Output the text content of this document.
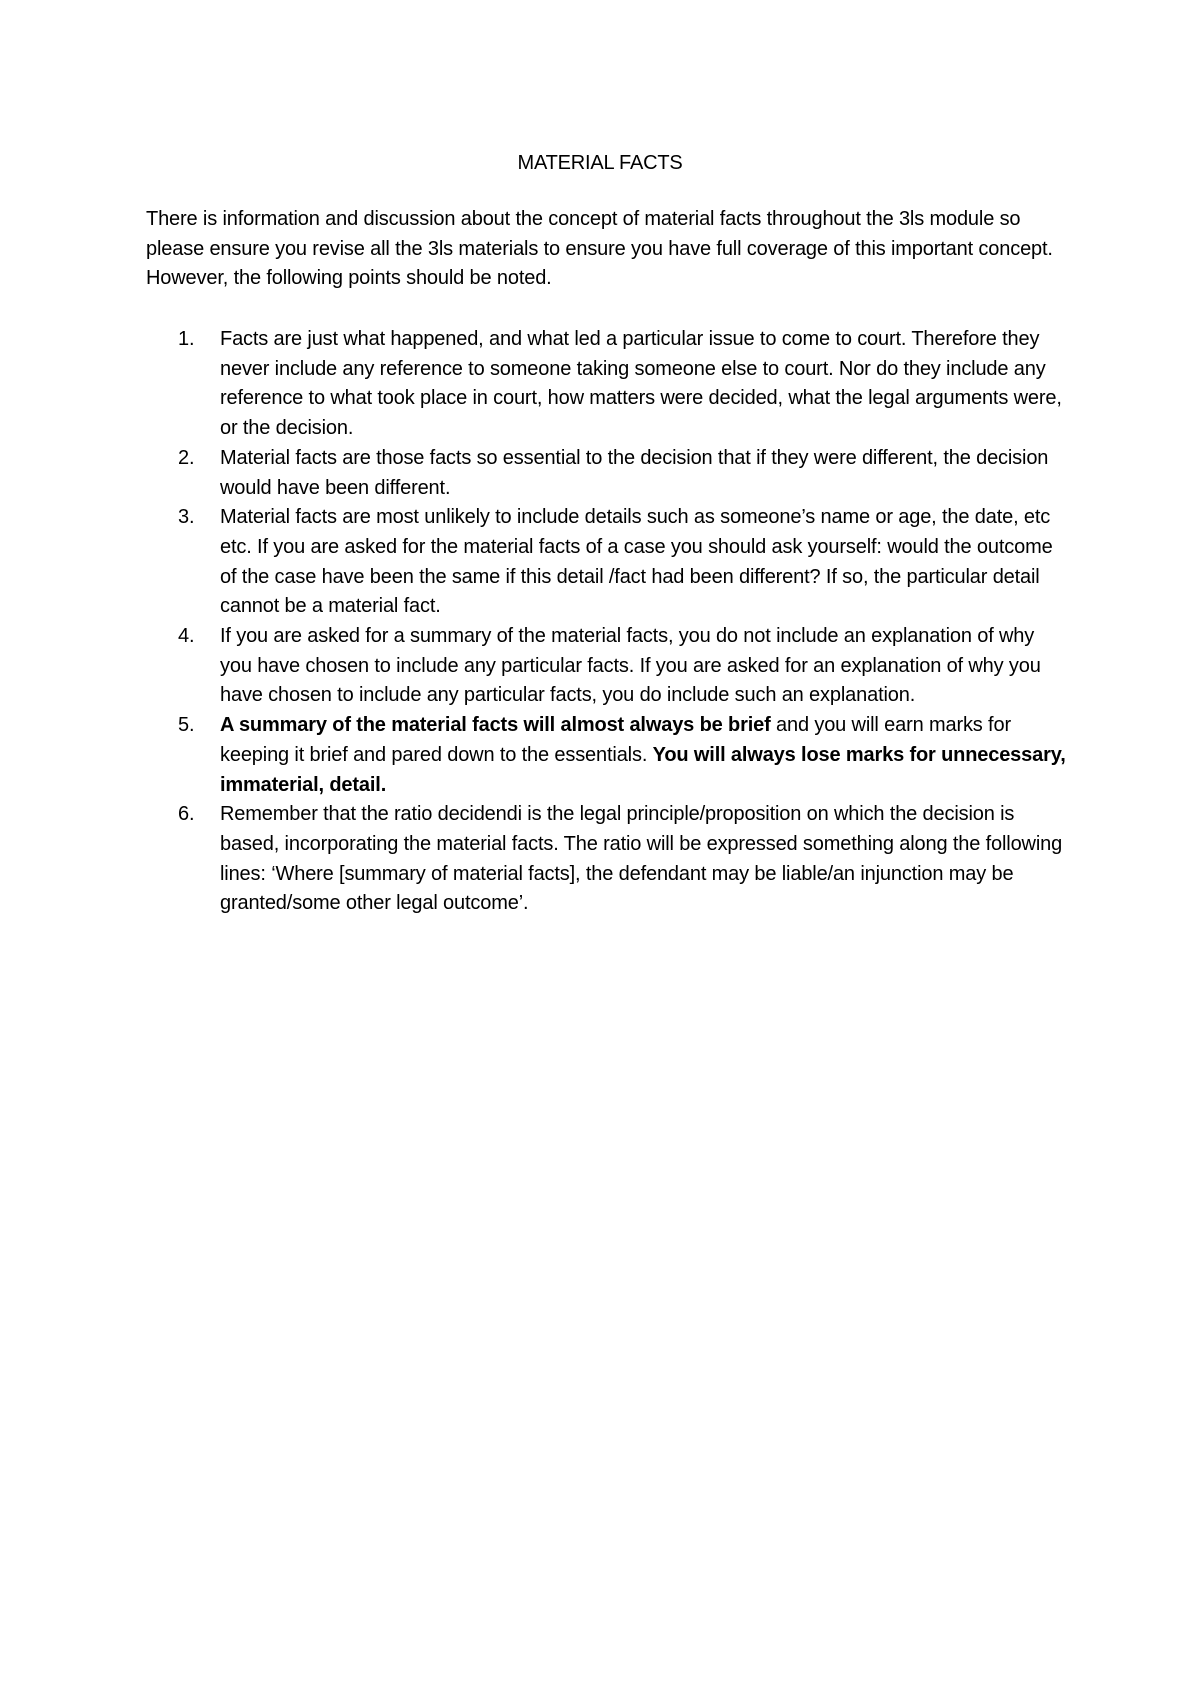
MATERIAL FACTS

There is information and discussion about the concept of material facts throughout the 3ls module so please ensure you revise all the 3ls materials to ensure you have full coverage of this important concept. However, the following points should be noted.

1. Facts are just what happened, and what led a particular issue to come to court. Therefore they never include any reference to someone taking someone else to court. Nor do they include any reference to what took place in court, how matters were decided, what the legal arguments were, or the decision.
2. Material facts are those facts so essential to the decision that if they were different, the decision would have been different.
3. Material facts are most unlikely to include details such as someone’s name or age, the date, etc etc. If you are asked for the material facts of a case you should ask yourself: would the outcome of the case have been the same if this detail /fact had been different? If so, the particular detail cannot be a material fact.
4. If you are asked for a summary of the material facts, you do not include an explanation of why you have chosen to include any particular facts. If you are asked for an explanation of why you have chosen to include any particular facts, you do include such an explanation.
5. A summary of the material facts will almost always be brief and you will earn marks for keeping it brief and pared down to the essentials. You will always lose marks for unnecessary, immaterial, detail.
6. Remember that the ratio decidendi is the legal principle/proposition on which the decision is based, incorporating the material facts. The ratio will be expressed something along the following lines: ‘Where [summary of material facts], the defendant may be liable/an injunction may be granted/some other legal outcome’.
